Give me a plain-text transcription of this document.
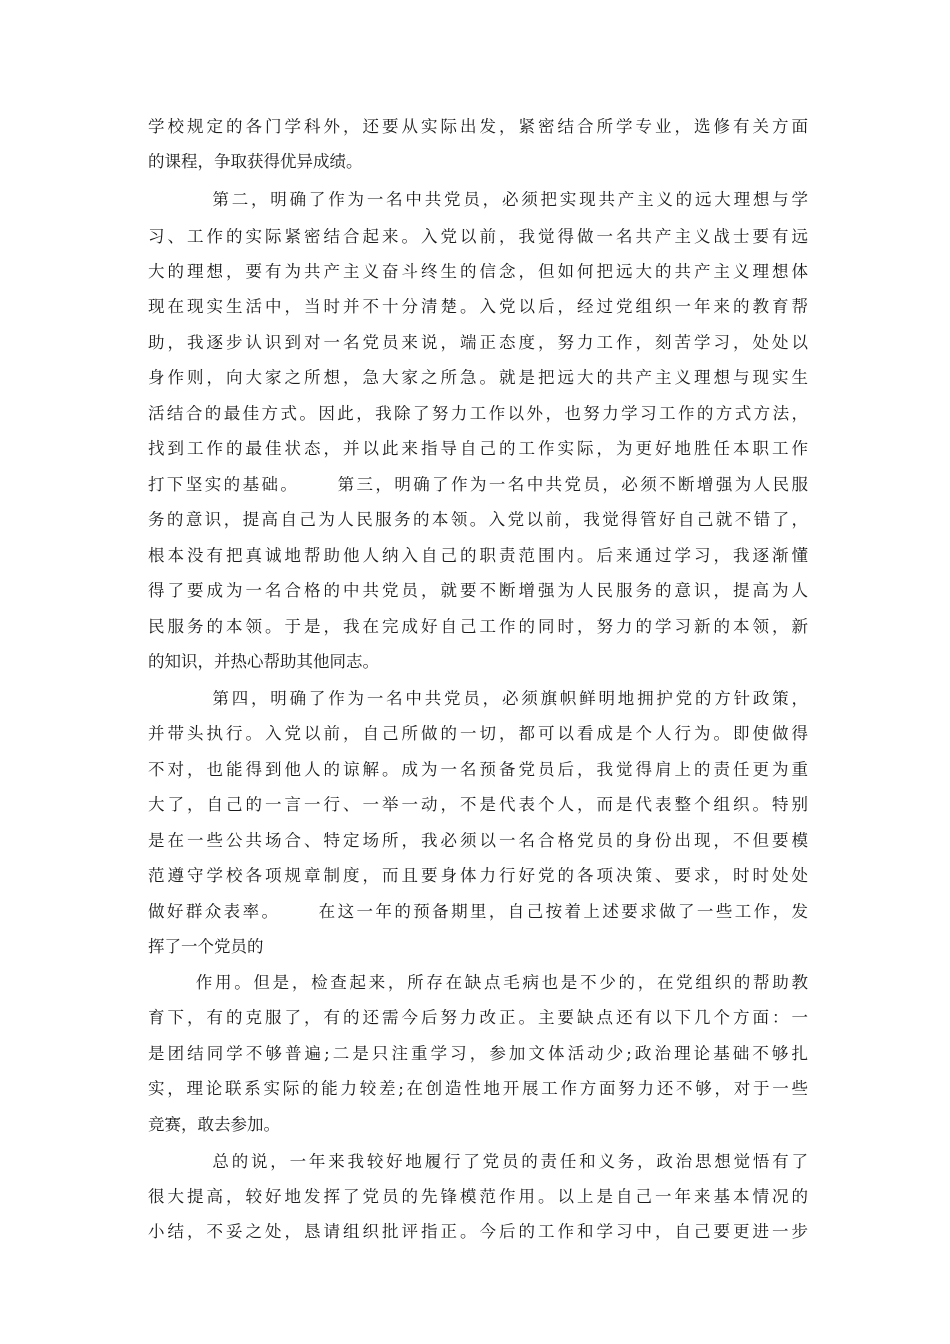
学校规定的各门学科外，还要从实际出发，紧密结合所学专业，选修有关方面

的课程，争取获得优异成绩。

第二，明确了作为一名中共党员，必须把实现共产主义的远大理想与学

习、工作的实际紧密结合起来。入党以前，我觉得做一名共产主义战士要有远

大的理想，要有为共产主义奋斗终生的信念，但如何把远大的共产主义理想体

现在现实生活中，当时并不十分清楚。入党以后，经过党组织一年来的教育帮

助，我逐步认识到对一名党员来说，端正态度，努力工作，刻苦学习，处处以

身作则，向大家之所想，急大家之所急。就是把远大的共产主义理想与现实生

活结合的最佳方式。因此，我除了努力工作以外，也努力学习工作的方式方法，

找到工作的最佳状态，并以此来指导自己的工作实际，为更好地胜任本职工作

打下坚实的基础。     第三，明确了作为一名中共党员，必须不断增强为人民服

务的意识，提高自己为人民服务的本领。入党以前，我觉得管好自己就不错了，

根本没有把真诚地帮助他人纳入自己的职责范围内。后来通过学习，我逐渐懂

得了要成为一名合格的中共党员，就要不断增强为人民服务的意识，提高为人

民服务的本领。于是，我在完成好自己工作的同时，努力的学习新的本领，新

的知识，并热心帮助其他同志。

第四，明确了作为一名中共党员，必须旗帜鲜明地拥护党的方针政策，

并带头执行。入党以前，自己所做的一切，都可以看成是个人行为。即使做得

不对，也能得到他人的谅解。成为一名预备党员后，我觉得肩上的责任更为重

大了，自己的一言一行、一举一动，不是代表个人，而是代表整个组织。特别

是在一些公共场合、特定场所，我必须以一名合格党员的身份出现，不但要模

范遵守学校各项规章制度，而且要身体力行好党的各项决策、要求，时时处处

做好群众表率。     在这一年的预备期里，自己按着上述要求做了一些工作，发

挥了一个党员的

作用。但是，检查起来，所存在缺点毛病也是不少的，在党组织的帮助教

育下，有的克服了，有的还需今后努力改正。主要缺点还有以下几个方面：一

是团结同学不够普遍;二是只注重学习，参加文体活动少;政治理论基础不够扎

实，理论联系实际的能力较差;在创造性地开展工作方面努力还不够，对于一些

竞赛，敢去参加。

总的说，一年来我较好地履行了党员的责任和义务，政治思想觉悟有了

很大提高，较好地发挥了党员的先锋模范作用。以上是自己一年来基本情况的

小结，不妥之处，恳请组织批评指正。今后的工作和学习中，自己要更进一步
